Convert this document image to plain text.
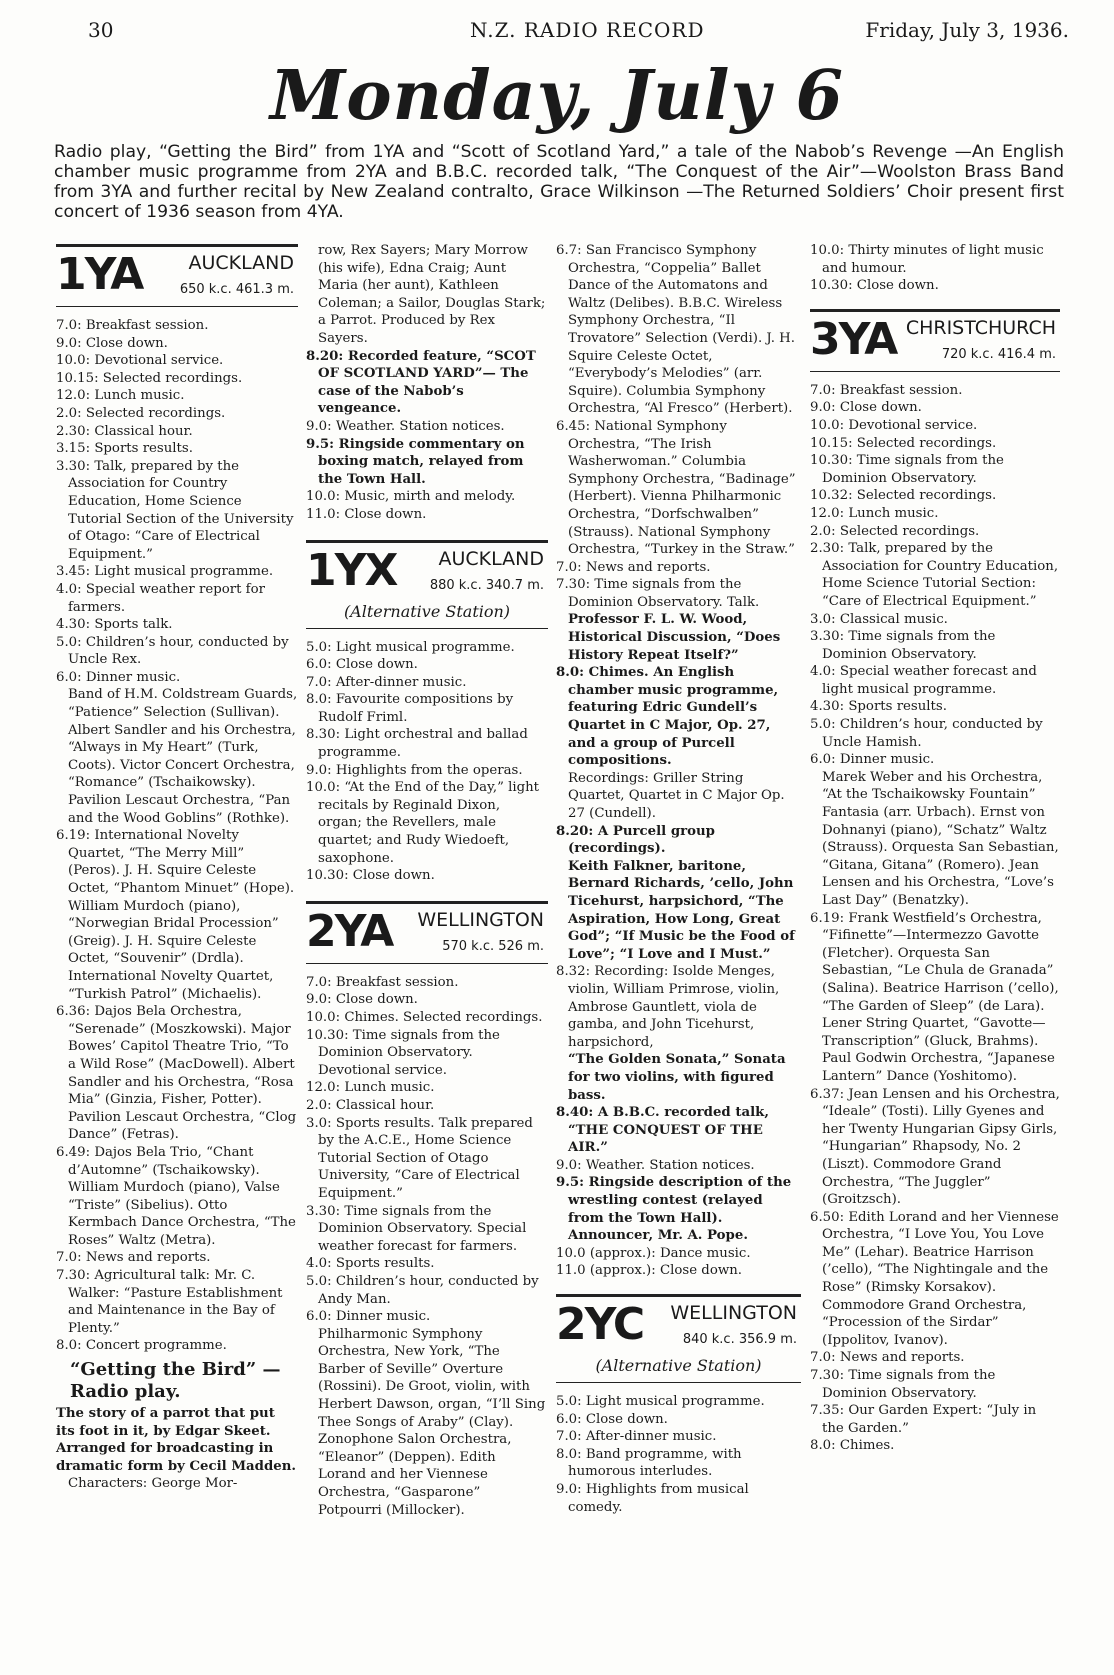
30	N.Z. RADIO RECORD	Friday, July 3, 1936.
Monday, July 6
Radio play, “Getting the Bird” from 1YA and “Scott of Scotland Yard,” a tale of the Nabob’s Revenge —An English chamber music programme from 2YA and B.B.C. recorded talk, “The Conquest of the Air”—Woolston Brass Band from 3YA and further recital by New Zealand contralto, Grace Wilkinson —The Returned Soldiers’ Choir present first concert of 1936 season from 4YA.
1YA AUCKLAND
650 k.c. 461.3 m.

7.0: Breakfast session.

9.0: Close down.

10.0: Devotional service.

10.15: Selected recordings.

12.0: Lunch music.

2.0: Selected recordings.

2.30: Classical hour.

3.15: Sports results.

3.30: Talk, prepared by the Association for Country Education, Home Science Tutorial Section of the University of Otago: “Care of Electrical Equipment.”

3.45: Light musical programme.

4.0: Special weather report for farmers.

4.30: Sports talk.

5.0: Children’s hour, conducted by Uncle Rex.

6.0: Dinner music.

Band of H.M. Coldstream Guards, “Patience” Selection (Sullivan). Albert Sandler and his Orchestra, “Always in My Heart” (Turk, Coots). Victor Concert Orchestra, “Romance” (Tschaikowsky). Pavilion Lescaut Orchestra, “Pan and the Wood Goblins” (Rothke).

6.19: International Novelty Quartet, “The Merry Mill” (Peros). J. H. Squire Celeste Octet, “Phantom Minuet” (Hope). William Murdoch (piano), “Norwegian Bridal Procession” (Greig). J. H. Squire Celeste Octet, “Souvenir” (Drdla). International Novelty Quartet, “Turkish Patrol” (Michaelis).

6.36: Dajos Bela Orchestra, “Serenade” (Moszkowski). Major Bowes’ Capitol Theatre Trio, “To a Wild Rose” (MacDowell). Albert Sandler and his Orchestra, “Rosa Mia” (Ginzia, Fisher, Potter). Pavilion Lescaut Orchestra, “Clog Dance” (Fetras).

6.49: Dajos Bela Trio, “Chant d’Automne” (Tschaikowsky). William Murdoch (piano), Valse “Triste” (Sibelius). Otto Kermbach Dance Orchestra, “The Roses” Waltz (Metra).

7.0: News and reports.

7.30: Agricultural talk: Mr. C. Walker: “Pasture Establishment and Maintenance in the Bay of Plenty.”

8.0: Concert programme.

“Getting the Bird” —Radio play.

The story of a parrot that put its foot in it, by Edgar Skeet. Arranged for broadcasting in dramatic form by Cecil Madden.

Characters: George Mor-

row, Rex Sayers; Mary Morrow (his wife), Edna Craig; Aunt Maria (her aunt), Kathleen Coleman; a Sailor, Douglas Stark; a Parrot. Produced by Rex Sayers.

8.20: Recorded feature, “SCOT OF SCOTLAND YARD”— The case of the Nabob’s vengeance.

9.0: Weather. Station notices.

9.5: Ringside commentary on boxing match, relayed from the Town Hall.

10.0: Music, mirth and melody.

11.0: Close down.

1YX AUCKLAND
880 k.c. 340.7 m.
(Alternative Station)

5.0: Light musical programme.

6.0: Close down.

7.0: After-dinner music.

8.0: Favourite compositions by Rudolf Friml.

8.30: Light orchestral and ballad programme.

9.0: Highlights from the operas.

10.0: “At the End of the Day,” light recitals by Reginald Dixon, organ; the Revellers, male quartet; and Rudy Wiedoeft, saxophone.

10.30: Close down.

2YA WELLINGTON
570 k.c. 526 m.

7.0: Breakfast session.

9.0: Close down.

10.0: Chimes. Selected recordings.

10.30: Time signals from the Dominion Observatory. Devotional service.

12.0: Lunch music.

2.0: Classical hour.

3.0: Sports results. Talk prepared by the A.C.E., Home Science Tutorial Section of Otago University, “Care of Electrical Equipment.”

3.30: Time signals from the Dominion Observatory. Special weather forecast for farmers.

4.0: Sports results.

5.0: Children’s hour, conducted by Andy Man.

6.0: Dinner music.

Philharmonic Symphony Orchestra, New York, “The Barber of Seville” Overture (Rossini). De Groot, violin, with Herbert Dawson, organ, “I’ll Sing Thee Songs of Araby” (Clay). Zonophone Salon Orchestra, “Eleanor” (Deppen). Edith Lorand and her Viennese Orchestra, “Gasparone” Potpourri (Millocker).

6.7: San Francisco Symphony Orchestra, “Coppelia” Ballet Dance of the Automatons and Waltz (Delibes). B.B.C. Wireless Symphony Orchestra, “Il Trovatore” Selection (Verdi). J. H. Squire Celeste Octet, “Everybody’s Melodies” (arr. Squire). Columbia Symphony Orchestra, “Al Fresco” (Herbert).

6.45: National Symphony Orchestra, “The Irish Washerwoman.” Columbia Symphony Orchestra, “Badinage” (Herbert). Vienna Philharmonic Orchestra, “Dorfschwalben” (Strauss). National Symphony Orchestra, “Turkey in the Straw.”

7.0: News and reports.

7.30: Time signals from the Dominion Observatory. Talk.

Professor F. L. W. Wood, Historical Discussion, “Does History Repeat Itself?”

8.0: Chimes. An English chamber music programme, featuring Edric Gundell’s Quartet in C Major, Op. 27, and a group of Purcell compositions.

Recordings: Griller String Quartet, Quartet in C Major Op. 27 (Cundell).

8.20: A Purcell group (recordings).

Keith Falkner, baritone, Bernard Richards, ’cello, John Ticehurst, harpsichord, “The Aspiration, How Long, Great God”; “If Music be the Food of Love”; “I Love and I Must.”

8.32: Recording: Isolde Menges, violin, William Primrose, violin, Ambrose Gauntlett, viola de gamba, and John Ticehurst, harpsichord,

“The Golden Sonata,” Sonata for two violins, with figured bass.

8.40: A B.B.C. recorded talk, “THE CONQUEST OF THE AIR.”

9.0: Weather. Station notices.

9.5: Ringside description of the wrestling contest (relayed from the Town Hall). Announcer, Mr. A. Pope.

10.0 (approx.): Dance music.

11.0 (approx.): Close down.

2YC WELLINGTON
840 k.c. 356.9 m.
(Alternative Station)

5.0: Light musical programme.

6.0: Close down.

7.0: After-dinner music.

8.0: Band programme, with humorous interludes.

9.0: Highlights from musical comedy.

10.0: Thirty minutes of light music and humour.

10.30: Close down.

3YA CHRISTCHURCH
720 k.c. 416.4 m.

7.0: Breakfast session.

9.0: Close down.

10.0: Devotional service.

10.15: Selected recordings.

10.30: Time signals from the Dominion Observatory.

10.32: Selected recordings.

12.0: Lunch music.

2.0: Selected recordings.

2.30: Talk, prepared by the Association for Country Education, Home Science Tutorial Section: “Care of Electrical Equipment.”

3.0: Classical music.

3.30: Time signals from the Dominion Observatory.

4.0: Special weather forecast and light musical programme.

4.30: Sports results.

5.0: Children’s hour, conducted by Uncle Hamish.

6.0: Dinner music.

Marek Weber and his Orchestra, “At the Tschaikowsky Fountain” Fantasia (arr. Urbach). Ernst von Dohnanyi (piano), “Schatz” Waltz (Strauss). Orquesta San Sebastian, “Gitana, Gitana” (Romero). Jean Lensen and his Orchestra, “Love’s Last Day” (Benatzky).

6.19: Frank Westfield’s Orchestra, “Fifinette”—Intermezzo Gavotte (Fletcher). Orquesta San Sebastian, “Le Chula de Granada” (Salina). Beatrice Harrison (’cello), “The Garden of Sleep” (de Lara). Lener String Quartet, “Gavotte—Transcription” (Gluck, Brahms). Paul Godwin Orchestra, “Japanese Lantern” Dance (Yoshitomo).

6.37: Jean Lensen and his Orchestra, “Ideale” (Tosti). Lilly Gyenes and her Twenty Hungarian Gipsy Girls, “Hungarian” Rhapsody, No. 2 (Liszt). Commodore Grand Orchestra, “The Juggler” (Groitzsch).

6.50: Edith Lorand and her Viennese Orchestra, “I Love You, You Love Me” (Lehar). Beatrice Harrison (’cello), “The Nightingale and the Rose” (Rimsky Korsakov). Commodore Grand Orchestra, “Procession of the Sirdar” (Ippolitov, Ivanov).

7.0: News and reports.

7.30: Time signals from the Dominion Observatory.

7.35: Our Garden Expert: “July in the Garden.”

8.0: Chimes.
